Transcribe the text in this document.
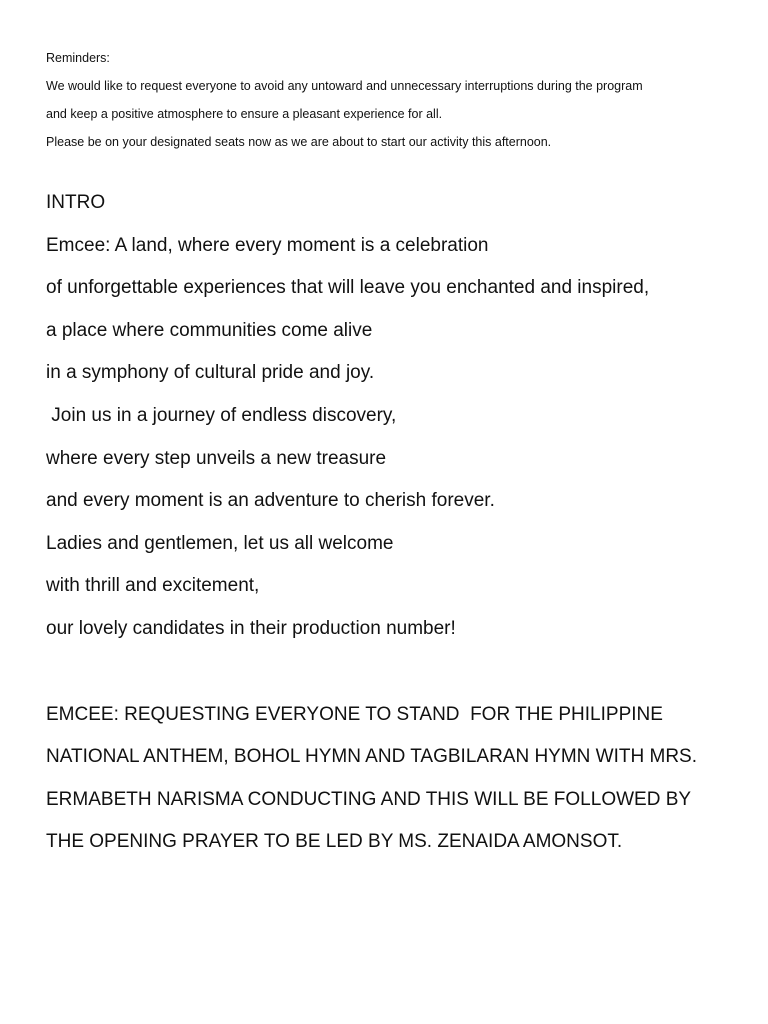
Reminders:

We would like to request everyone to avoid any untoward and unnecessary interruptions during the program

and keep a positive atmosphere to ensure a pleasant experience for all.

Please be on your designated seats now as we are about to start our activity this afternoon.

INTRO

Emcee: A land, where every moment is a celebration

of unforgettable experiences that will leave you enchanted and inspired,

a place where communities come alive

in a symphony of cultural pride and joy.

Join us in a journey of endless discovery,

where every step unveils a new treasure

and every moment is an adventure to cherish forever.

Ladies and gentlemen, let us all welcome

with thrill and excitement,

our lovely candidates in their production number!

EMCEE: REQUESTING EVERYONE TO STAND  FOR THE PHILIPPINE

NATIONAL ANTHEM, BOHOL HYMN AND TAGBILARAN HYMN WITH MRS.

ERMABETH NARISMA CONDUCTING AND THIS WILL BE FOLLOWED BY

THE OPENING PRAYER TO BE LED BY MS. ZENAIDA AMONSOT.
